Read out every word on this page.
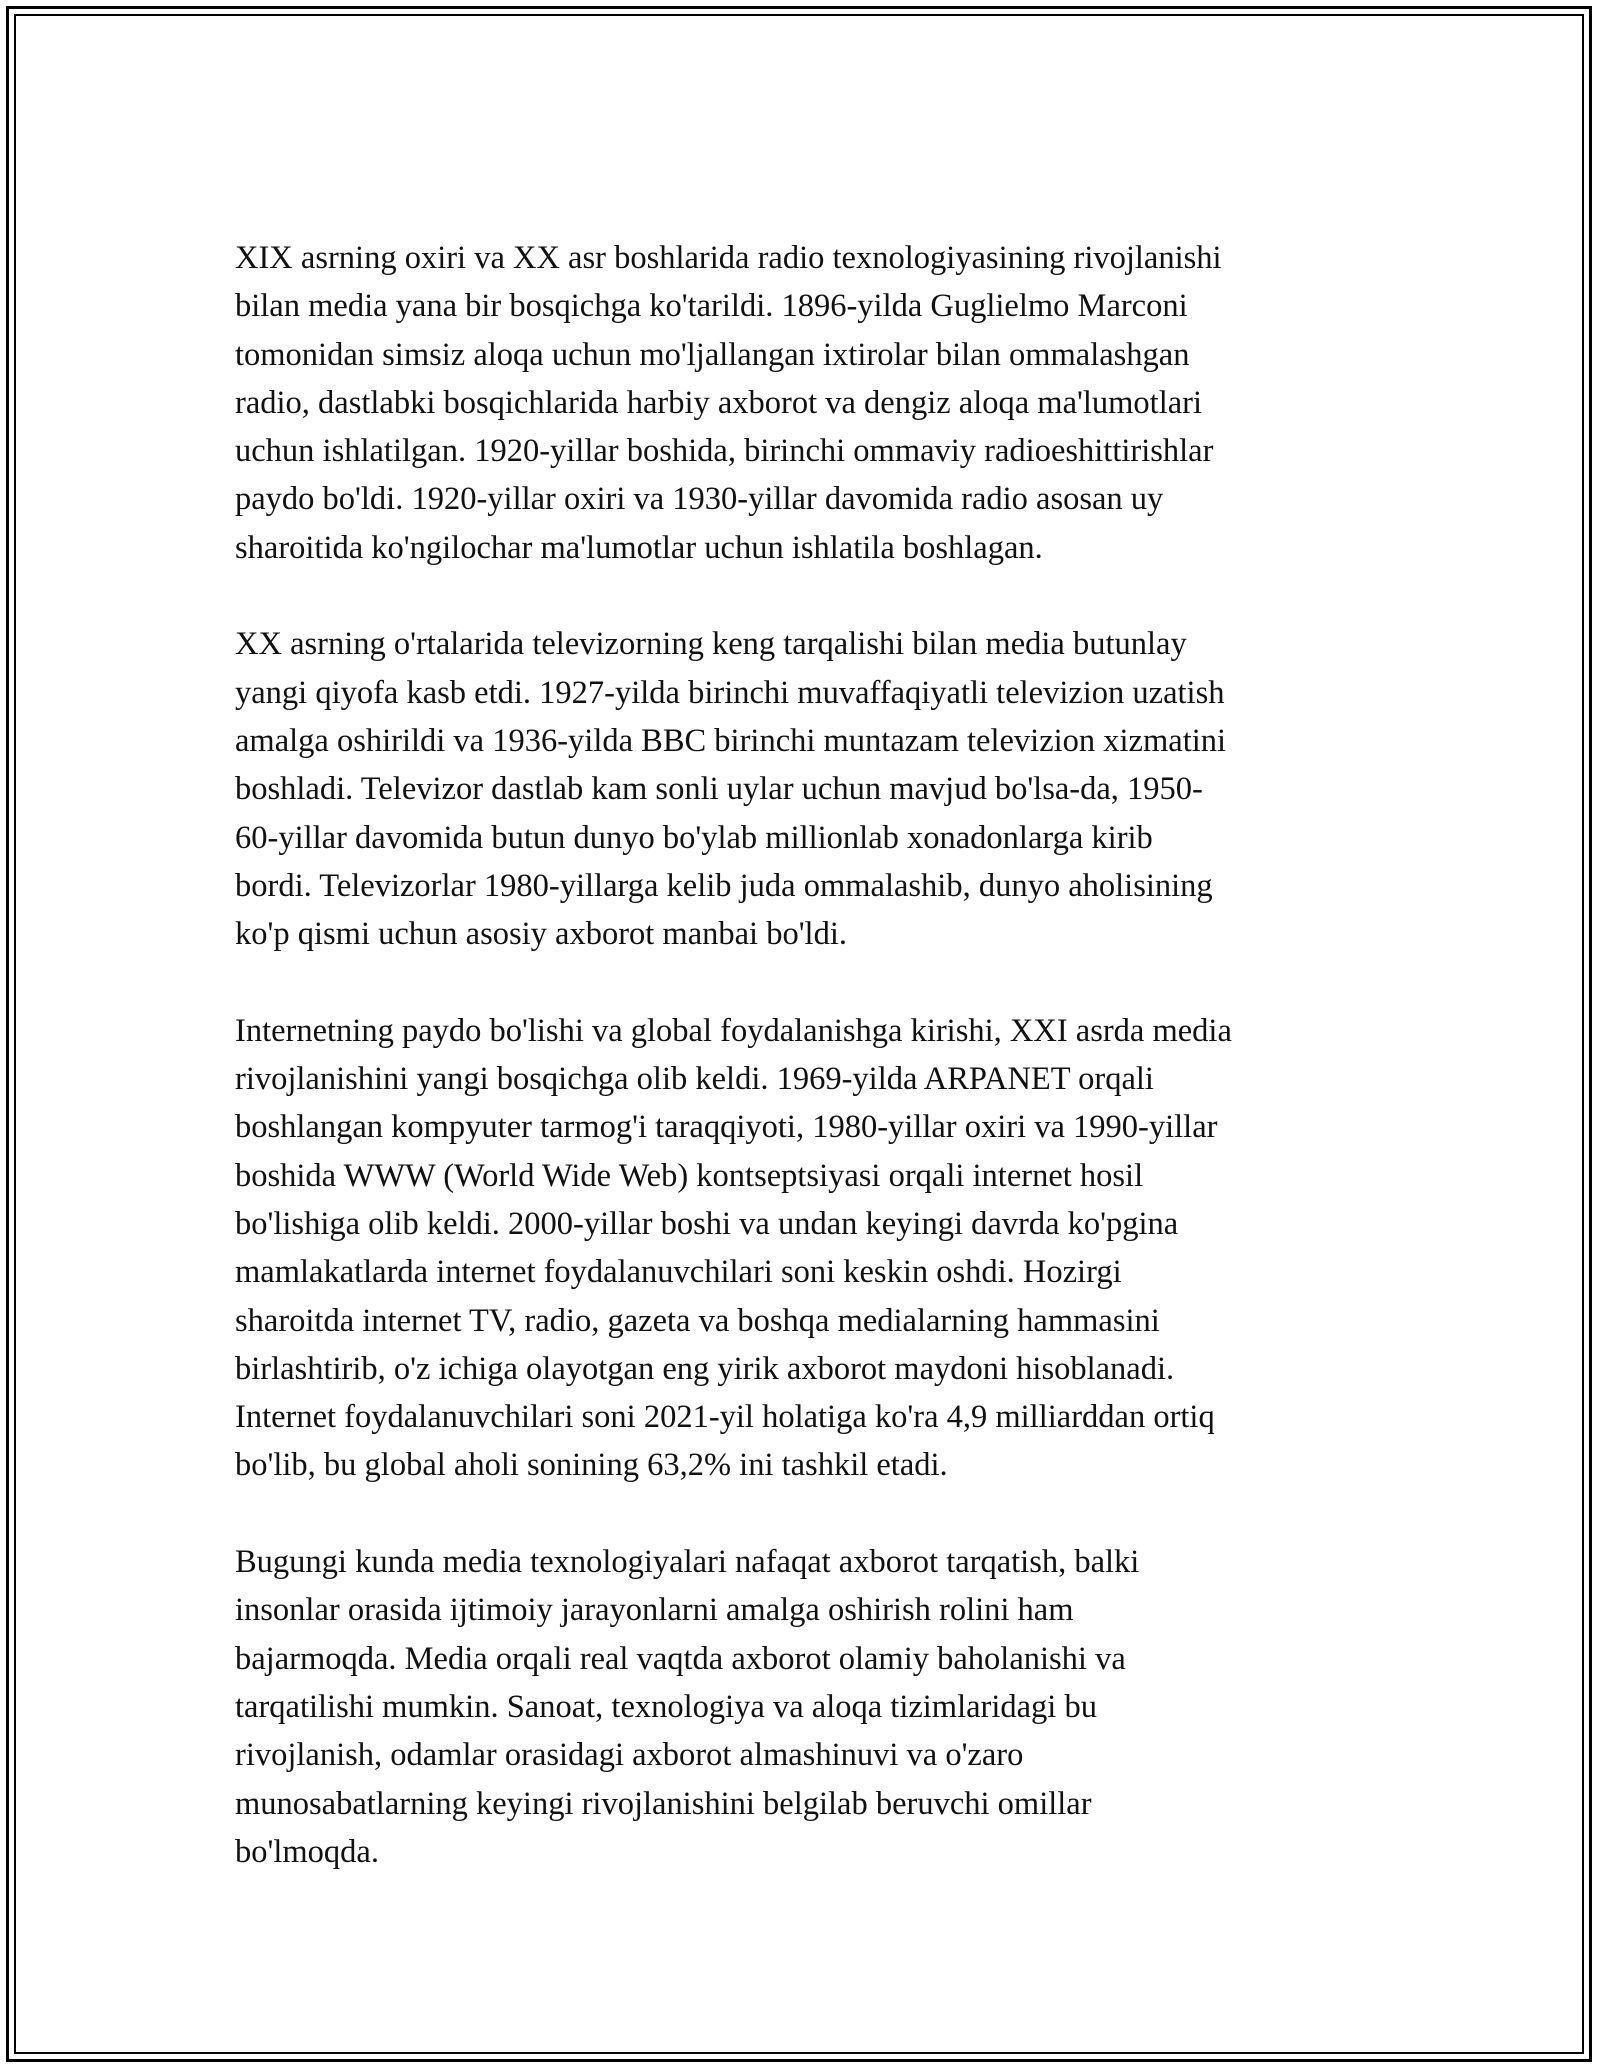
XIX asrning oxiri va XX asr boshlarida radio texnologiyasining rivojlanishi
bilan media yana bir bosqichga ko'tarildi. 1896-yilda Guglielmo Marconi
tomonidan simsiz aloqa uchun mo'ljallangan ixtirolar bilan ommalashgan
radio, dastlabki bosqichlarida harbiy axborot va dengiz aloqa ma'lumotlari
uchun ishlatilgan. 1920-yillar boshida, birinchi ommaviy radioeshittirishlar
paydo bo'ldi. 1920-yillar oxiri va 1930-yillar davomida radio asosan uy
sharoitida ko'ngilochar ma'lumotlar uchun ishlatila boshlagan.

XX asrning o'rtalarida televizorning keng tarqalishi bilan media butunlay
yangi qiyofa kasb etdi. 1927-yilda birinchi muvaffaqiyatli televizion uzatish
amalga oshirildi va 1936-yilda BBC birinchi muntazam televizion xizmatini
boshladi. Televizor dastlab kam sonli uylar uchun mavjud bo'lsa-da, 1950-
60-yillar davomida butun dunyo bo'ylab millionlab xonadonlarga kirib
bordi. Televizorlar 1980-yillarga kelib juda ommalashib, dunyo aholisining
ko'p qismi uchun asosiy axborot manbai bo'ldi.

Internetning paydo bo'lishi va global foydalanishga kirishi, XXI asrda media
rivojlanishini yangi bosqichga olib keldi. 1969-yilda ARPANET orqali
boshlangan kompyuter tarmog'i taraqqiyoti, 1980-yillar oxiri va 1990-yillar
boshida WWW (World Wide Web) kontseptsiyasi orqali internet hosil
bo'lishiga olib keldi. 2000-yillar boshi va undan keyingi davrda ko'pgina
mamlakatlarda internet foydalanuvchilari soni keskin oshdi. Hozirgi
sharoitda internet TV, radio, gazeta va boshqa medialarning hammasini
birlashtirib, o'z ichiga olayotgan eng yirik axborot maydoni hisoblanadi.
Internet foydalanuvchilari soni 2021-yil holatiga ko'ra 4,9 milliarddan ortiq
bo'lib, bu global aholi sonining 63,2% ini tashkil etadi.

Bugungi kunda media texnologiyalari nafaqat axborot tarqatish, balki
insonlar orasida ijtimoiy jarayonlarni amalga oshirish rolini ham
bajarmoqda. Media orqali real vaqtda axborot olamiy baholanishi va
tarqatilishi mumkin. Sanoat, texnologiya va aloqa tizimlaridagi bu
rivojlanish, odamlar orasidagi axborot almashinuvi va o'zaro
munosabatlarning keyingi rivojlanishini belgilab beruvchi omillar
bo'lmoqda.
